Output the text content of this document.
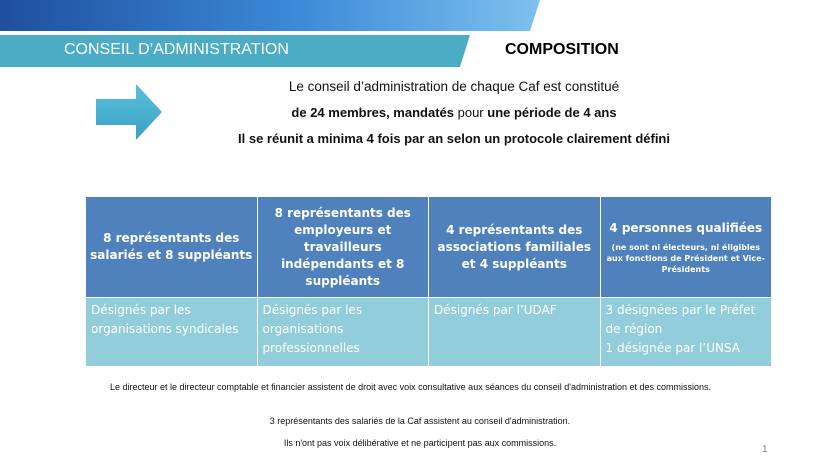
CONSEIL D’ADMINISTRATION	COMPOSITION

Le conseil d’administration de chaque Caf est constitué

de 24 membres, mandatés pour une période de 4 ans

Il se réunit a minima 4 fois par an selon un protocole clairement défini

8 représentants des salariés et 8 suppléants	8 représentants des employeurs et travailleurs indépendants et 8 suppléants	4 représentants des associations familiales et 4 suppléants	4 personnes qualifiées
(ne sont ni électeurs, ni éligibles aux fonctions de Président et Vice-Présidents

Désignés par les organisations syndicales	Désignés par les organisations professionnelles	Désignés par l’UDAF	3 désignées par le Préfet de région
1 désignée par l’UNSA

Le directeur et le directeur comptable et financier assistent de droit avec voix consultative aux séances du conseil d'administration et des commissions.

3 représentants des salariés de la Caf assistent au conseil d'administration.

Ils n'ont pas voix délibérative et ne participent pas aux commissions.

1
